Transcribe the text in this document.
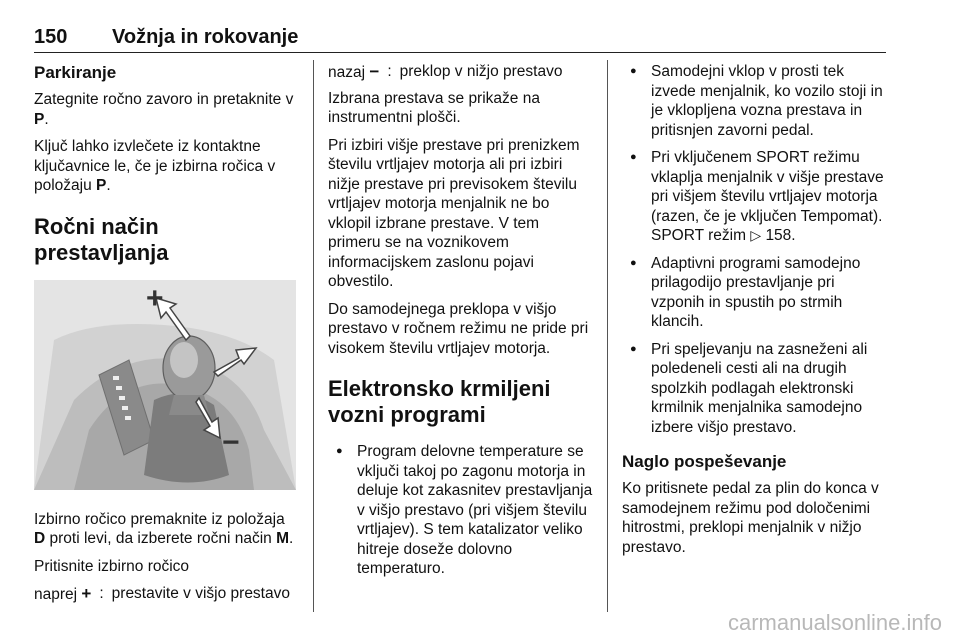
150 Vožnja in rokovanje
Parkiranje

Zategnite ročno zavoro in pretaknite v P.

Ključ lahko izvlečete iz kontaktne ključavnice le, če je izbirna ročica v položaju P.

Ročni način prestavljanja
+
−

Izbirno ročico premaknite iz položaja D proti levi, da izberete ročni način M.

Pritisnite izbirno ročico

naprej + : prestavite v višjo prestavo
nazaj − : preklop v nižjo prestavo

Izbrana prestava se prikaže na instrumentni plošči.

Pri izbiri višje prestave pri prenizkem številu vrtljajev motorja ali pri izbiri nižje prestave pri previsokem številu vrtljajev motorja menjalnik ne bo vklopil izbrane prestave. V tem primeru se na voznikovem informacijskem zaslonu pojavi obvestilo.

Do samodejnega preklopa v višjo prestavo v ročnem režimu ne pride pri visokem številu vrtljajev motorja.

Elektronsko krmiljeni vozni programi
● Program delovne temperature se vključi takoj po zagonu motorja in deluje kot zakasnitev prestavljanja v višjo prestavo (pri višjem številu vrtljajev). S tem katalizator veliko hitreje doseže dolovno temperaturo.
● Samodejni vklop v prosti tek izvede menjalnik, ko vozilo stoji in je vklopljena vozna prestava in pritisnjen zavorni pedal.
● Pri vključenem SPORT režimu vklaplja menjalnik v višje prestave pri višjem številu vrtljajev motorja (razen, če je vključen Tempomat). SPORT režim ▷ 158.
● Adaptivni programi samodejno prilagodijo prestavljanje pri vzponih in spustih po strmih klancih.
● Pri speljevanju na zasneženi ali poledeneli cesti ali na drugih spolzkih podlagah elektronski krmilnik menjalnika samodejno izbere višjo prestavo.
Naglo pospeševanje

Ko pritisnete pedal za plin do konca v samodejnem režimu pod določenimi hitrostmi, preklopi menjalnik v nižjo prestavo.

carmanualsonline.info
